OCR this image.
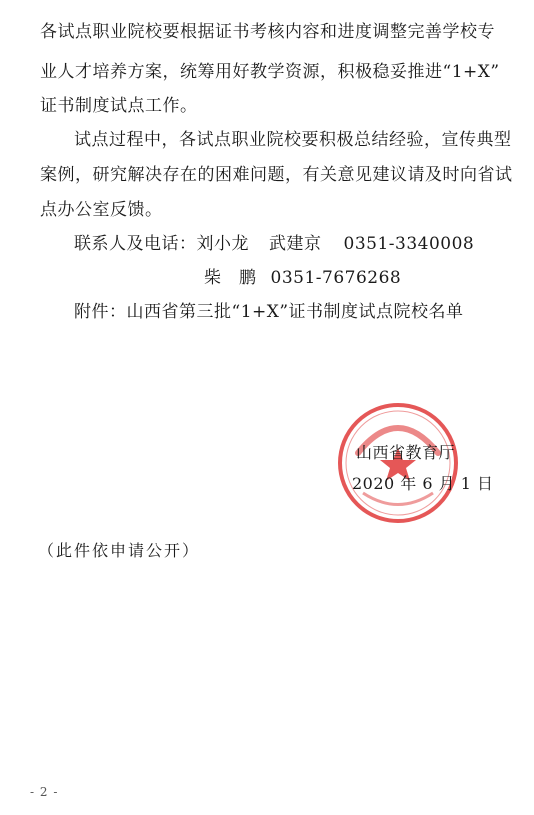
各试点职业院校要根据证书考核内容和进度调整完善学校专
业人才培养方案，统筹用好教学资源，积极稳妥推进“1+X”
证书制度试点工作。
试点过程中，各试点职业院校要积极总结经验，宣传典型
案例，研究解决存在的困难问题，有关意见建议请及时向省试
点办公室反馈。
联系人及电话：刘小龙 武建京 0351-3340008
柴　鹏 0351-7676268
附件：山西省第三批“1+X”证书制度试点院校名单
山西省教育厅
2020 年 6 月 1 日
（此件依申请公开）
- 2 -
